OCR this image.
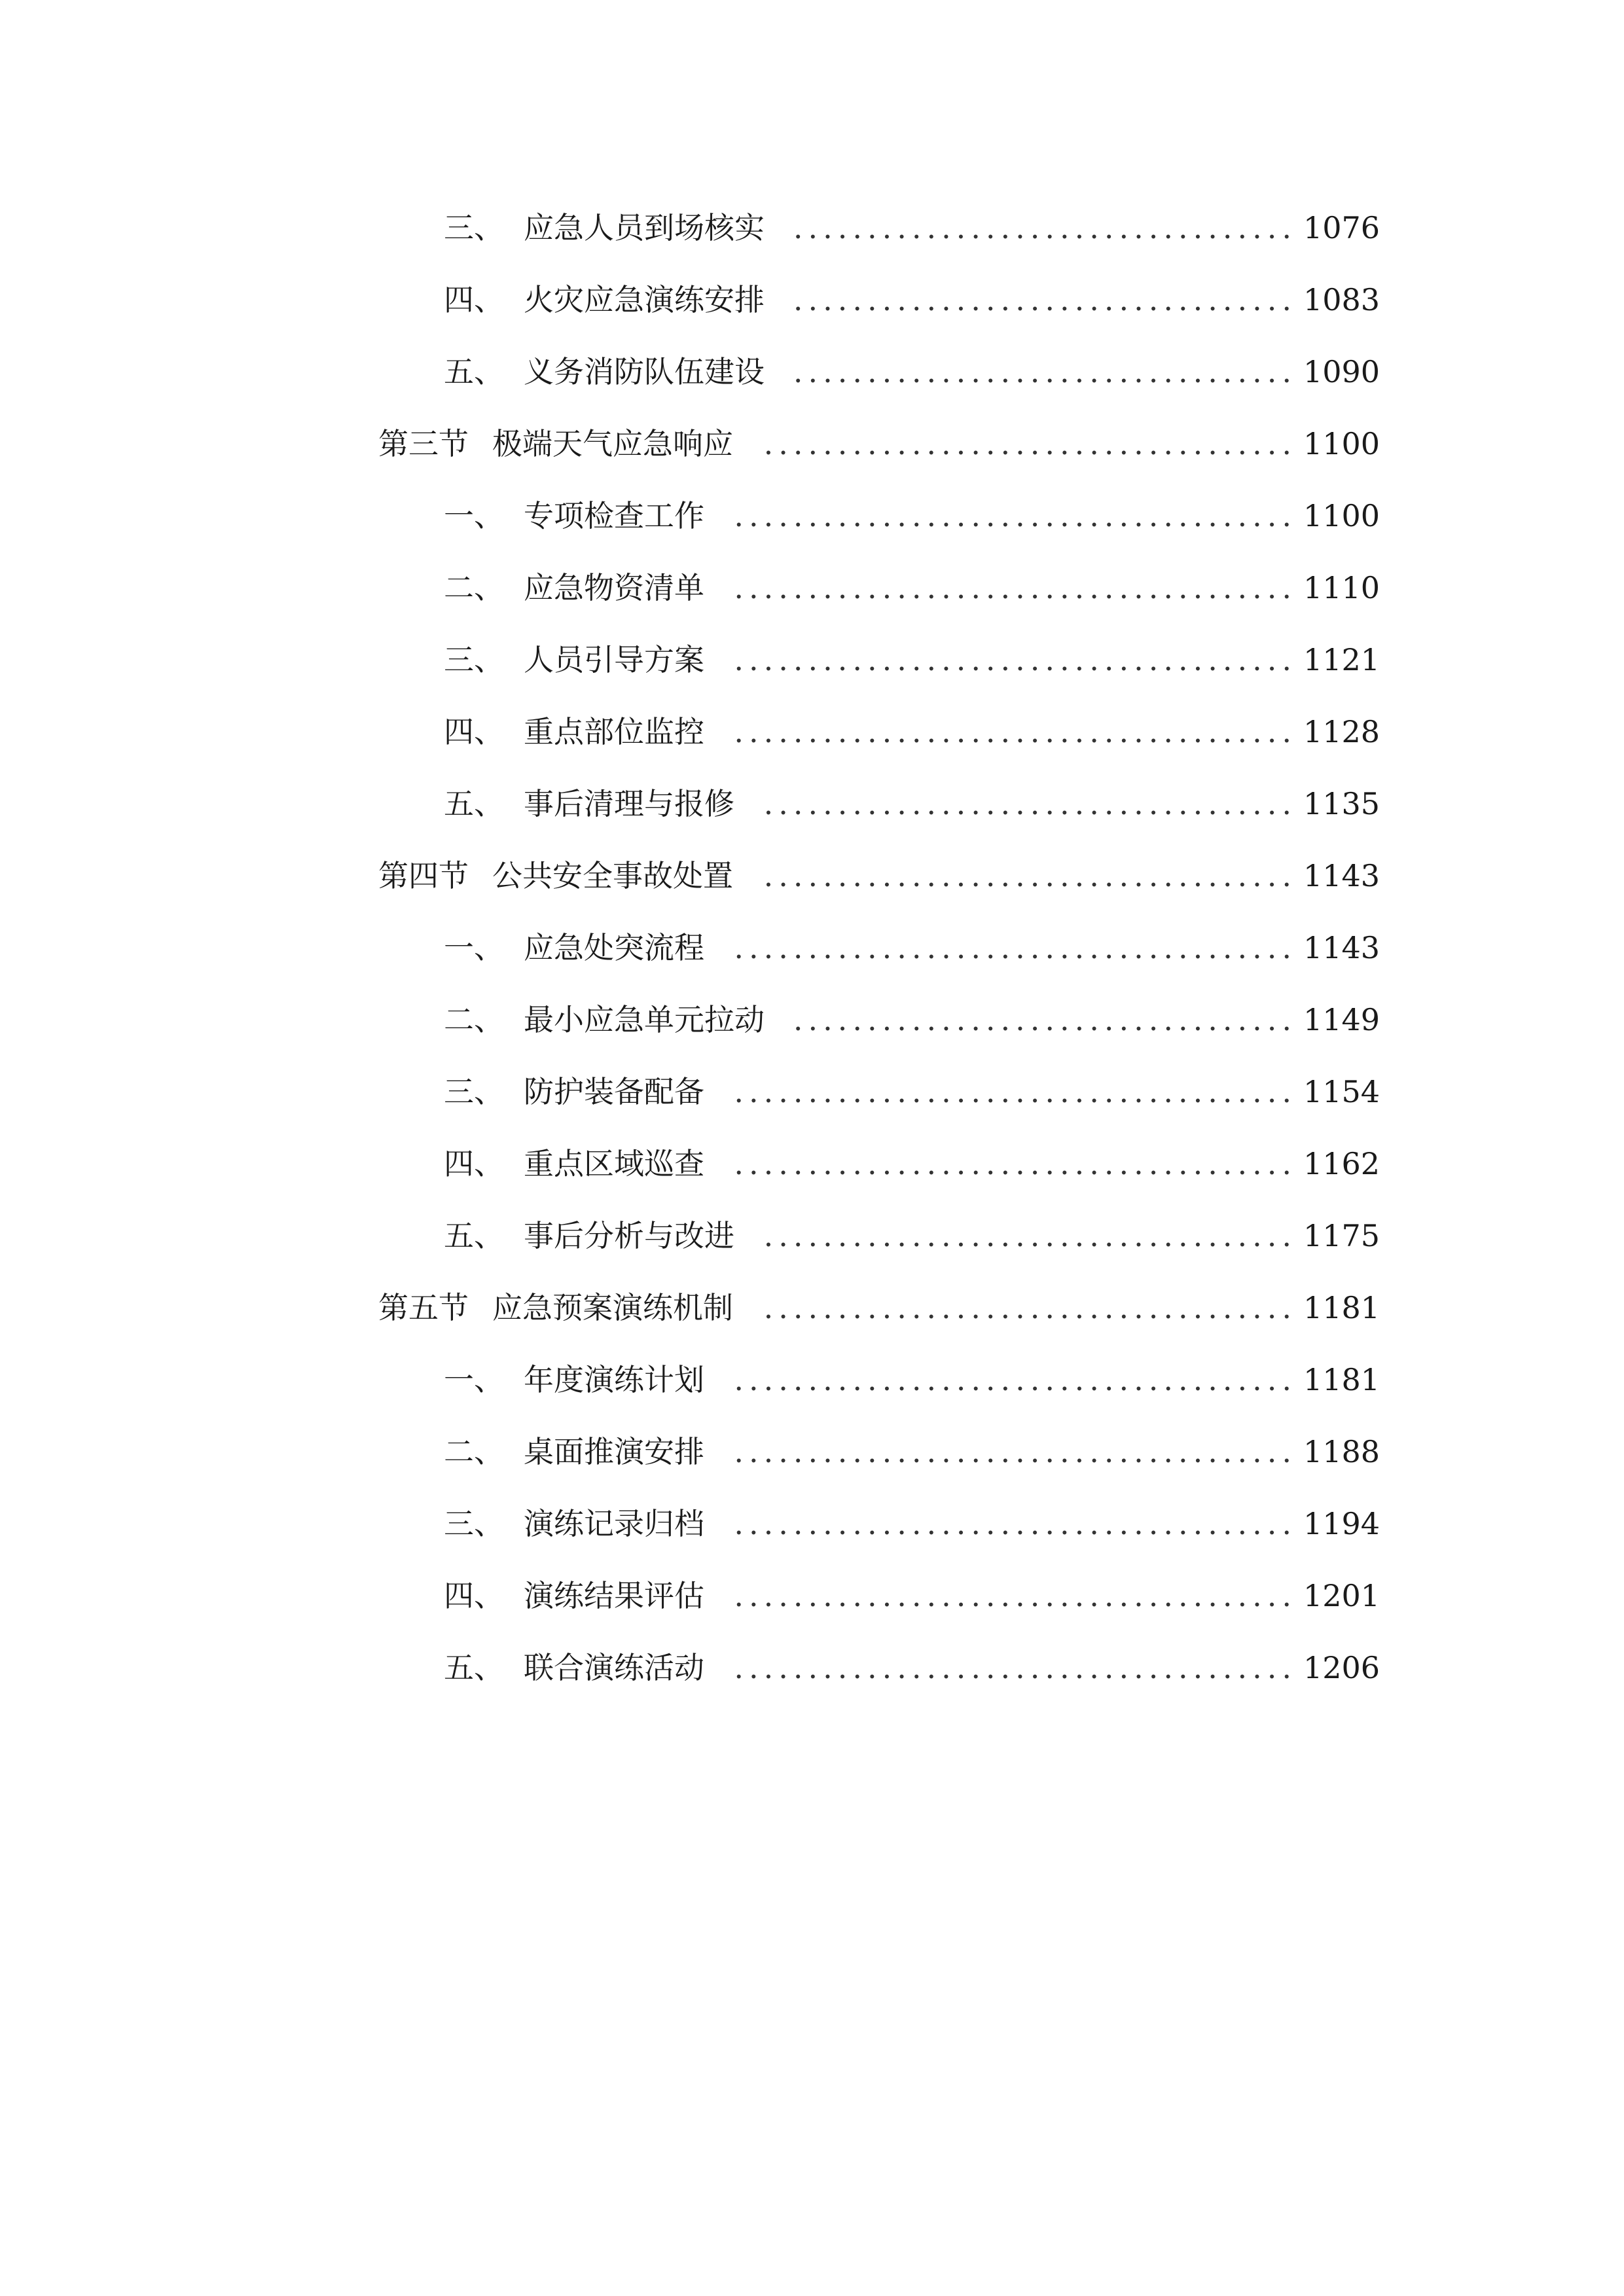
三、 应急人员到场核实 .................................. 1076
四、 火灾应急演练安排 .................................. 1083
五、 义务消防队伍建设 .................................. 1090
第三节 极端天气应急响应	.................................... 1100
一、 专项检查工作 ...................................... 1100
二、 应急物资清单 ...................................... 1110
三、 人员引导方案 ...................................... 1121
四、 重点部位监控 ...................................... 1128
五、 事后清理与报修 .................................... 1135
第四节 公共安全事故处置	.................................... 1143
一、 应急处突流程 ...................................... 1143
二、 最小应急单元拉动 .................................. 1149
三、 防护装备配备 ...................................... 1154
四、 重点区域巡查 ...................................... 1162
五、 事后分析与改进 .................................... 1175
第五节 应急预案演练机制	.................................... 1181
一、 年度演练计划 ...................................... 1181
二、 桌面推演安排 ...................................... 1188
三、 演练记录归档 ...................................... 1194
四、 演练结果评估 ...................................... 1201
五、 联合演练活动 ...................................... 1206
